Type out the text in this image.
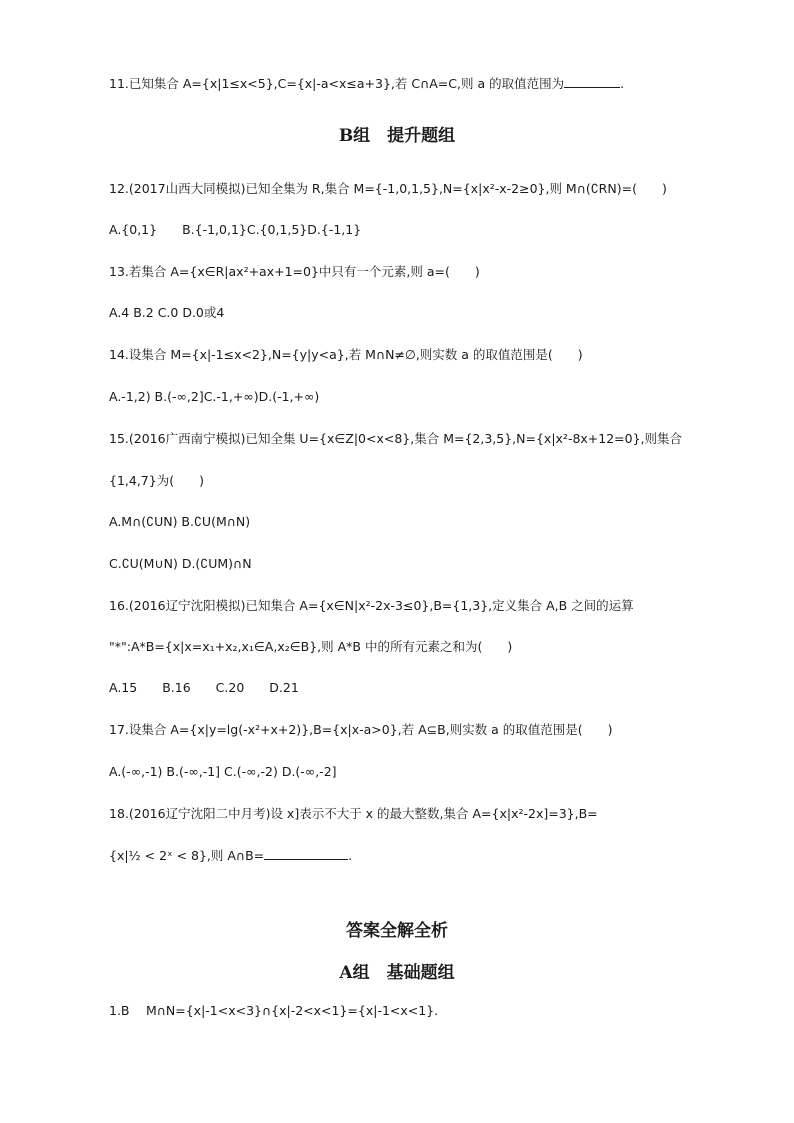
11.已知集合 A={x|1≤x<5},C={x|-a<x≤a+3},若 C∩A=C,则 a 的取值范围为	.
B组　提升题组
12.(2017山西大同模拟)已知全集为 R,集合 M={-1,0,1,5},N={x|x²-x-2≥0},则 M∩(∁RN)=(　　)
A.{0,1}　　B.{-1,0,1}C.{0,1,5}D.{-1,1}
13.若集合 A={x∈R|ax²+ax+1=0}中只有一个元素,则 a=(　　)
A.4 B.2 C.0 D.0或4
14.设集合 M={x|-1≤x<2},N={y|y<a},若 M∩N≠∅,则实数 a 的取值范围是(　　)
A.-1,2) B.(-∞,2]C.-1,+∞)D.(-1,+∞)
15.(2016广西南宁模拟)已知全集 U={x∈Z|0<x<8},集合 M={2,3,5},N={x|x²-8x+12=0},则集合
{1,4,7}为(　　)
A.M∩(∁UN) B.∁U(M∩N)
C.∁U(M∪N) D.(∁UM)∩N
16.(2016辽宁沈阳模拟)已知集合 A={x∈N|x²-2x-3≤0},B={1,3},定义集合 A,B 之间的运算
"*":A*B={x|x=x₁+x₂,x₁∈A,x₂∈B},则 A*B 中的所有元素之和为(　　)
A.15　　B.16　　C.20　　D.21
17.设集合 A={x|y=lg(-x²+x+2)},B={x|x-a>0},若 A⊆B,则实数 a 的取值范围是(　　)
A.(-∞,-1) B.(-∞,-1] C.(-∞,-2) D.(-∞,-2]
18.(2016辽宁沈阳二中月考)设 x]表示不大于 x 的最大整数,集合 A={x|x²-2x]=3},B=
{x|½ < 2ˣ < 8},则 A∩B=	.
答案全解全析
A组　基础题组
1.B　 M∩N={x|-1<x<3}∩{x|-2<x<1}={x|-1<x<1}.
